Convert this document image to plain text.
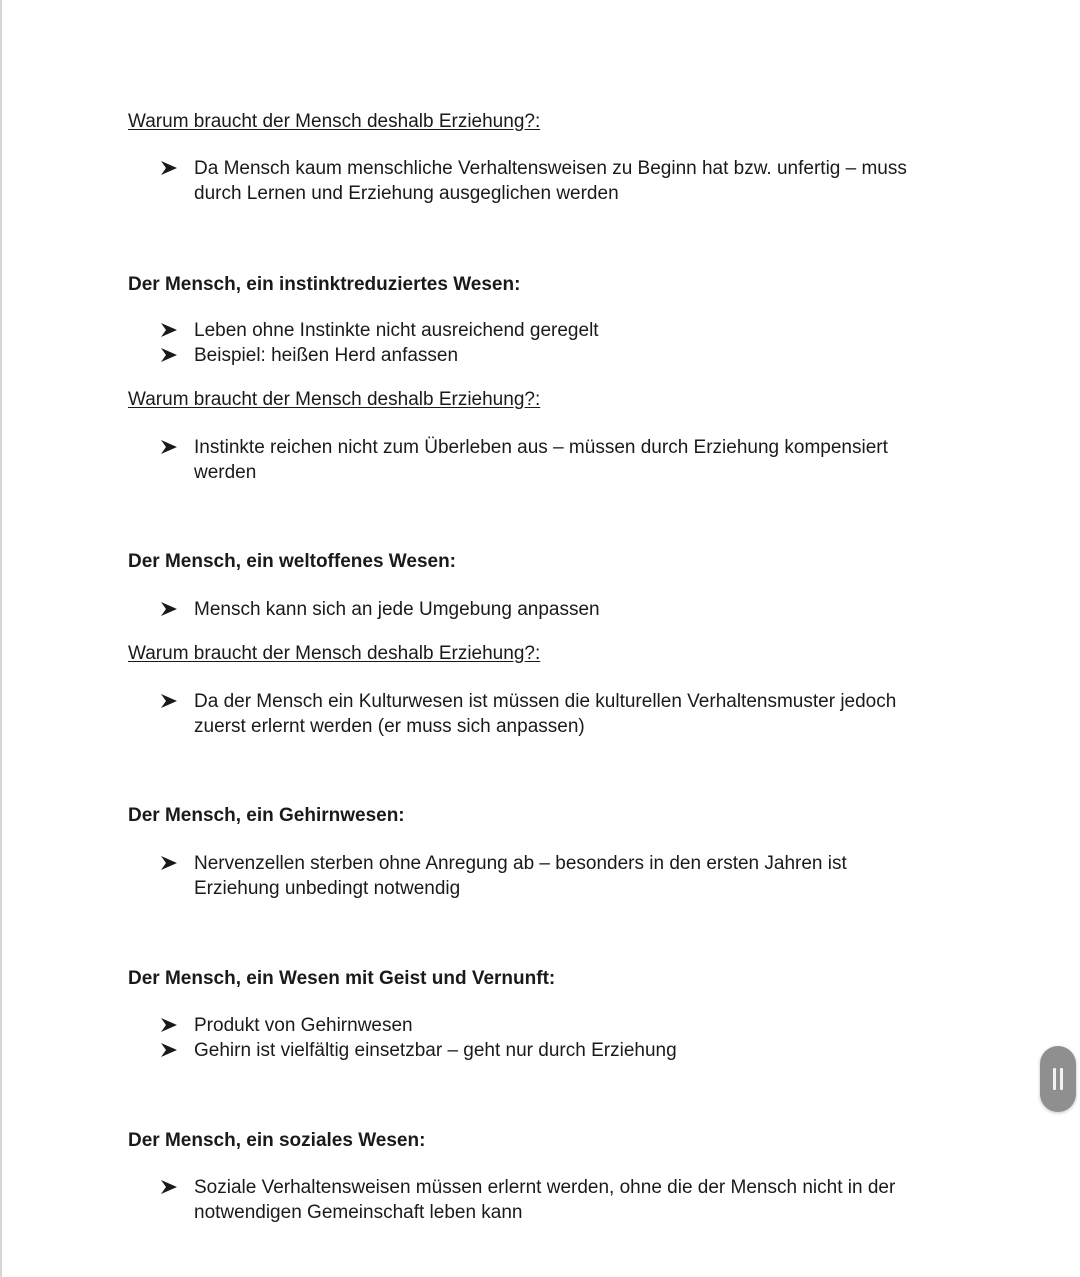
Warum braucht der Mensch deshalb Erziehung?:
Da Mensch kaum menschliche Verhaltensweisen zu Beginn hat bzw. unfertig – muss durch Lernen und Erziehung ausgeglichen werden
Der Mensch, ein instinktreduziertes Wesen:
Leben ohne Instinkte nicht ausreichend geregelt
Beispiel: heißen Herd anfassen
Warum braucht der Mensch deshalb Erziehung?:
Instinkte reichen nicht zum Überleben aus – müssen durch Erziehung kompensiert werden
Der Mensch, ein weltoffenes Wesen:
Mensch kann sich an jede Umgebung anpassen
Warum braucht der Mensch deshalb Erziehung?:
Da der Mensch ein Kulturwesen ist müssen die kulturellen Verhaltensmuster jedoch zuerst erlernt werden (er muss sich anpassen)
Der Mensch, ein Gehirnwesen:
Nervenzellen sterben ohne Anregung ab – besonders in den ersten Jahren ist Erziehung unbedingt notwendig
Der Mensch, ein Wesen mit Geist und Vernunft:
Produkt von Gehirnwesen
Gehirn ist vielfältig einsetzbar – geht nur durch Erziehung
Der Mensch, ein soziales Wesen:
Soziale Verhaltensweisen müssen erlernt werden, ohne die der Mensch nicht in der notwendigen Gemeinschaft leben kann
